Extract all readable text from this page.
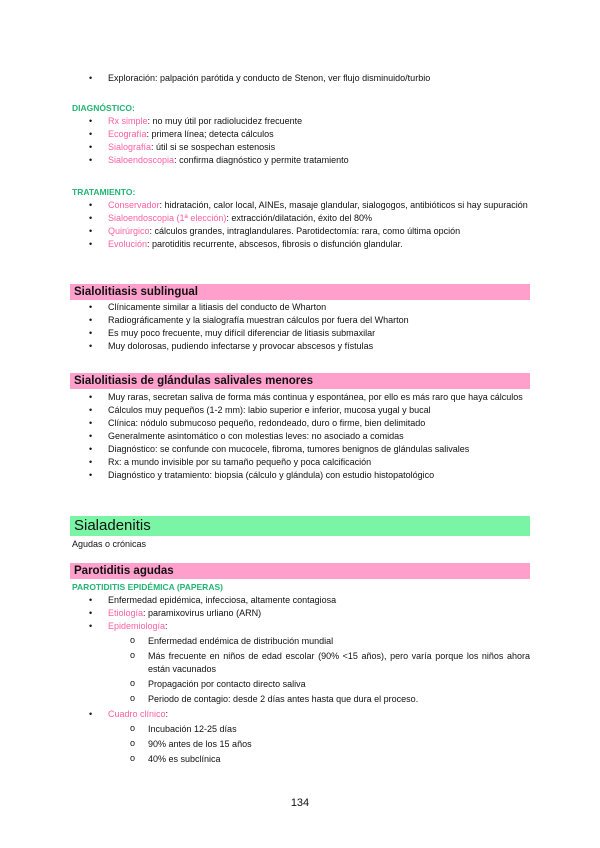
• Exploración: palpación parótida y conducto de Stenon, ver flujo disminuido/turbio
DIAGNÓSTICO:
• Rx simple: no muy útil por radiolucidez frecuente
• Ecografía: primera línea; detecta cálculos
• Sialografía: útil si se sospechan estenosis
• Sialoendoscopia: confirma diagnóstico y permite tratamiento
TRATAMIENTO:
• Conservador: hidratación, calor local, AINEs, masaje glandular, sialogogos, antibióticos si hay supuración
• Sialoendoscopia (1ª elección): extracción/dilatación, éxito del 80%
• Quirúrgico: cálculos grandes, intraglandulares. Parotidectomía: rara, como última opción
• Evolución: parotiditis recurrente, abscesos, fibrosis o disfunción glandular.
Sialolitiasis sublingual
• Clínicamente similar a litiasis del conducto de Wharton
• Radiográficamente y la sialografía muestran cálculos por fuera del Wharton
• Es muy poco frecuente, muy difícil diferenciar de litiasis submaxilar
• Muy dolorosas, pudiendo infectarse y provocar abscesos y fístulas
Sialolitiasis de glándulas salivales menores
• Muy raras, secretan saliva de forma más continua y espontánea, por ello es más raro que haya cálculos
• Cálculos muy pequeños (1-2 mm): labio superior e inferior, mucosa yugal y bucal
• Clínica: nódulo submucoso pequeño, redondeado, duro o firme, bien delimitado
• Generalmente asintomático o con molestias leves: no asociado a comidas
• Diagnóstico: se confunde con mucocele, fibroma, tumores benignos de glándulas salivales
• Rx: a mundo invisible por su tamaño pequeño y poca calcificación
• Diagnóstico y tratamiento: biopsia (cálculo y glándula) con estudio histopatológico
Sialadenitis
Agudas o crónicas
Parotiditis agudas
PAROTIDITIS EPIDÉMICA (PAPERAS)
• Enfermedad epidémica, infecciosa, altamente contagiosa
• Etiología: paramixovirus urliano (ARN)
• Epidemiología:
o Enfermedad endémica de distribución mundial
o Más frecuente en niños de edad escolar (90% <15 años), pero varía porque los niños ahora están vacunados
o Propagación por contacto directo saliva
o Periodo de contagio: desde 2 días antes hasta que dura el proceso.
• Cuadro clínico:
o Incubación 12-25 días
o 90% antes de los 15 años
o 40% es subclínica
134
